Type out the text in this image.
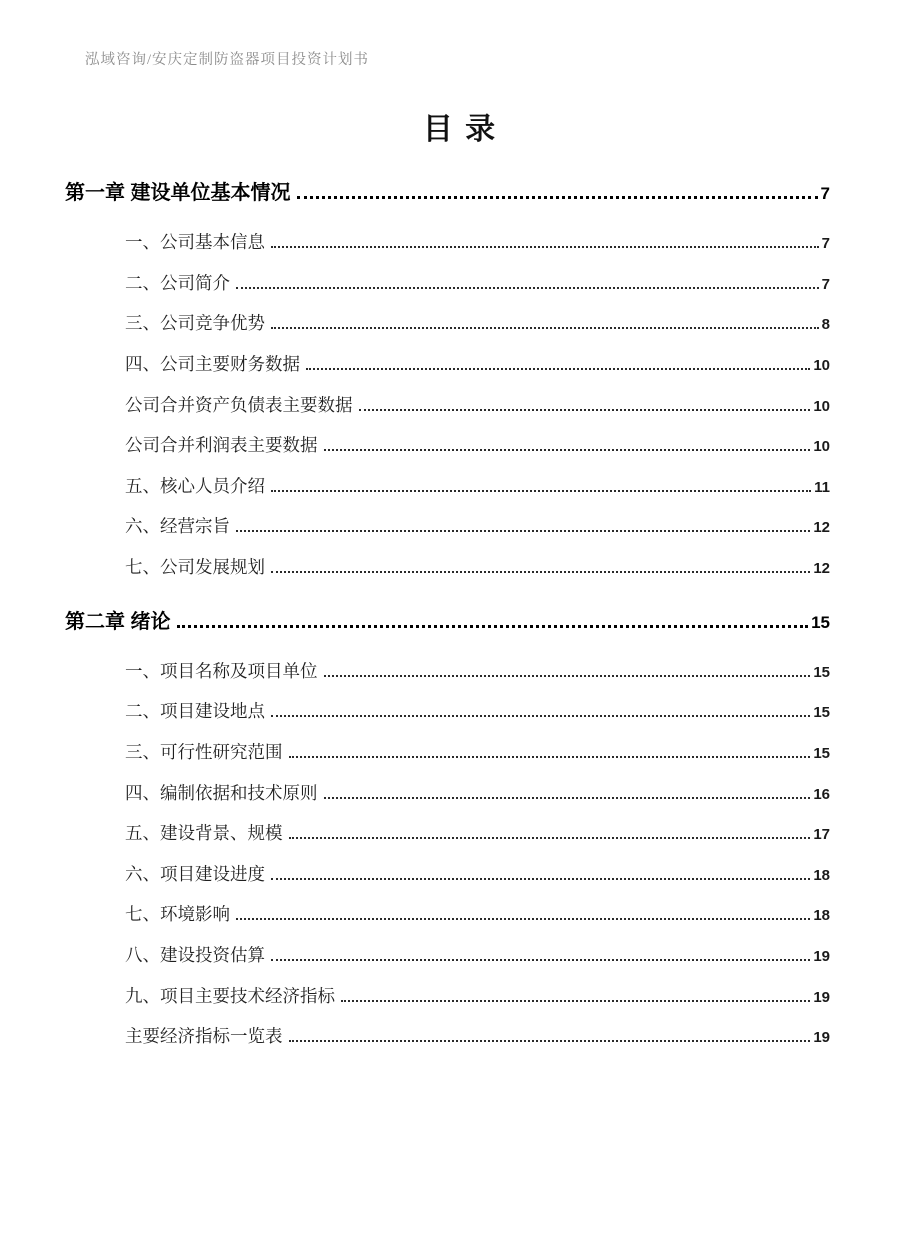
泓域咨询/安庆定制防盗器项目投资计划书
目 录
第一章 建设单位基本情况	7
一、公司基本信息	7
二、公司简介	7
三、公司竞争优势	8
四、公司主要财务数据	10
公司合并资产负债表主要数据	10
公司合并利润表主要数据	10
五、核心人员介绍	11
六、经营宗旨	12
七、公司发展规划	12
第二章 绪论	15
一、项目名称及项目单位	15
二、项目建设地点	15
三、可行性研究范围	15
四、编制依据和技术原则	16
五、建设背景、规模	17
六、项目建设进度	18
七、环境影响	18
八、建设投资估算	19
九、项目主要技术经济指标	19
主要经济指标一览表	19
